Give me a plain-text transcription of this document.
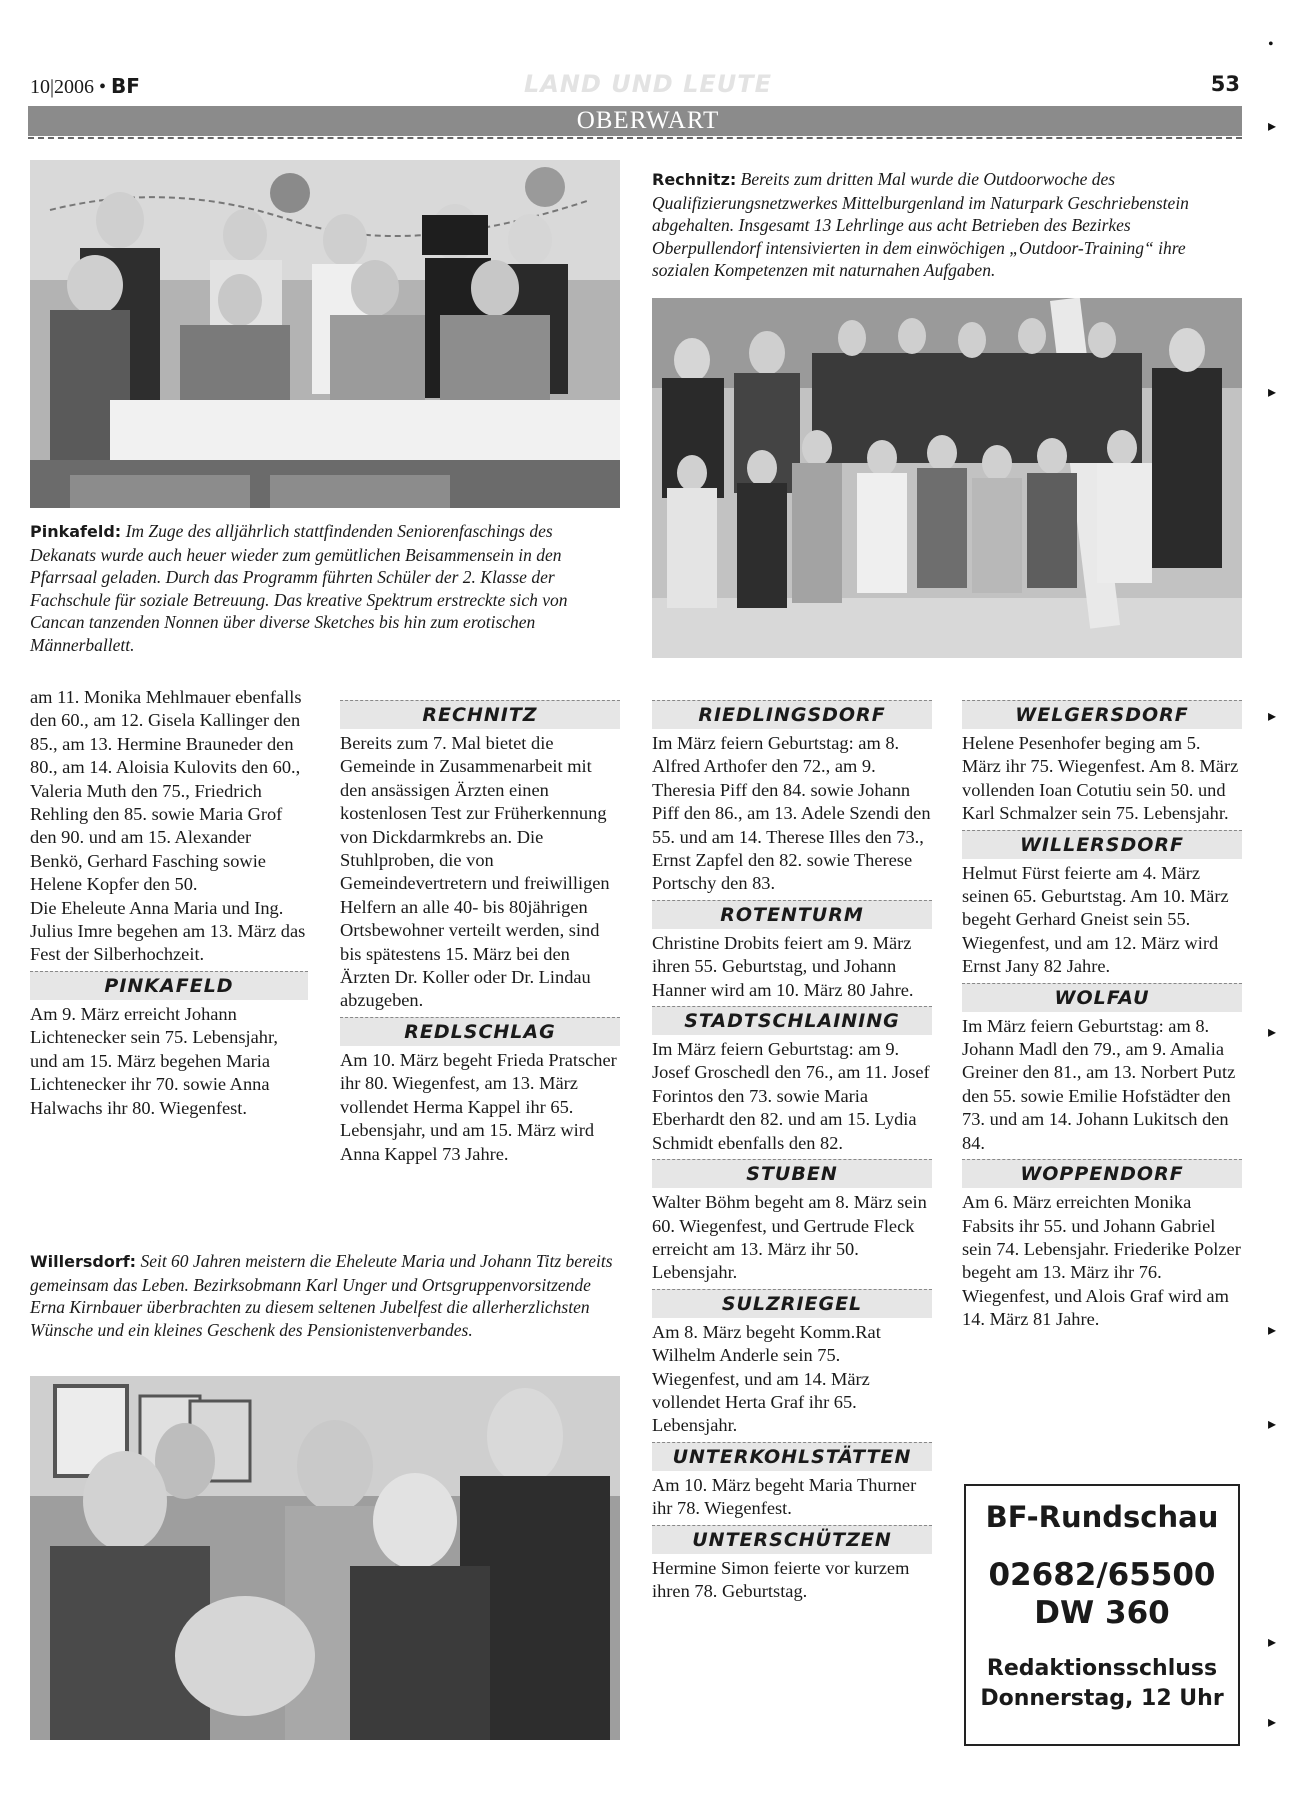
10|2006 • BF	LAND UND LEUTE	53
OBERWART
Rechnitz: Bereits zum dritten Mal wurde die Outdoorwoche des Qualifizierungsnetzwerkes Mittelburgenland im Naturpark Geschriebenstein abgehalten. Insgesamt 13 Lehrlinge aus acht Betrieben des Bezirkes Oberpullendorf intensivierten in dem einwöchigen „Outdoor-Training“ ihre sozialen Kompetenzen mit naturnahen Aufgaben.
Pinkafeld: Im Zuge des alljährlich stattfindenden Seniorenfaschings des Dekanats wurde auch heuer wieder zum gemütlichen Beisammensein in den Pfarrsaal geladen. Durch das Programm führten Schüler der 2. Klasse der Fachschule für soziale Betreuung. Das kreative Spektrum erstreckte sich von Cancan tanzenden Nonnen über diverse Sketches bis hin zum erotischen Männerballett.
Willersdorf: Seit 60 Jahren meistern die Eheleute Maria und Johann Titz bereits gemeinsam das Leben. Bezirksobmann Karl Unger und Ortsgruppenvorsitzende Erna Kirnbauer überbrachten zu diesem seltenen Jubelfest die allerherzlichsten Wünsche und ein kleines Geschenk des Pensionistenverbandes.

am 11. Monika Mehlmauer ebenfalls den 60., am 12. Gisela Kallinger den 85., am 13. Hermine Brauneder den 80., am 14. Aloisia Kulovits den 60., Valeria Muth den 75., Friedrich Rehling den 85. sowie Maria Grof den 90. und am 15. Alexander Benkö, Gerhard Fasching sowie Helene Kopfer den 50.

Die Eheleute Anna Maria und Ing. Julius Imre begehen am 13. März das Fest der Silberhochzeit.

PINKAFELD

Am 9. März erreicht Johann Lichtenecker sein 75. Lebensjahr, und am 15. März begehen Maria Lichtenecker ihr 70. sowie Anna Halwachs ihr 80. Wiegenfest.

RECHNITZ

Bereits zum 7. Mal bietet die Gemeinde in Zusammenarbeit mit den ansässigen Ärzten einen kostenlosen Test zur Früherkennung von Dickdarmkrebs an. Die Stuhlproben, die von Gemeindevertretern und freiwilligen Helfern an alle 40- bis 80jährigen Ortsbewohner verteilt werden, sind bis spätestens 15. März bei den Ärzten Dr. Koller oder Dr. Lindau abzugeben.

REDLSCHLAG

Am 10. März begeht Frieda Pratscher ihr 80. Wiegenfest, am 13. März vollendet Herma Kappel ihr 65. Lebensjahr, und am 15. März wird Anna Kappel 73 Jahre.

RIEDLINGSDORF

Im März feiern Geburtstag: am 8. Alfred Arthofer den 72., am 9. Theresia Piff den 84. sowie Johann Piff den 86., am 13. Adele Szendi den 55. und am 14. Therese Illes den 73., Ernst Zapfel den 82. sowie Therese Portschy den 83.

ROTENTURM

Christine Drobits feiert am 9. März ihren 55. Geburtstag, und Johann Hanner wird am 10. März 80 Jahre.

STADTSCHLAINING

Im März feiern Geburtstag: am 9. Josef Groschedl den 76., am 11. Josef Forintos den 73. sowie Maria Eberhardt den 82. und am 15. Lydia Schmidt ebenfalls den 82.

STUBEN

Walter Böhm begeht am 8. März sein 60. Wiegenfest, und Gertrude Fleck erreicht am 13. März ihr 50. Lebensjahr.

SULZRIEGEL

Am 8. März begeht Komm.Rat Wilhelm Anderle sein 75. Wiegenfest, und am 14. März vollendet Herta Graf ihr 65. Lebensjahr.

UNTERKOHLSTÄTTEN

Am 10. März begeht Maria Thurner ihr 78. Wiegenfest.

UNTERSCHÜTZEN

Hermine Simon feierte vor kurzem ihren 78. Geburtstag.

WELGERSDORF

Helene Pesenhofer beging am 5. März ihr 75. Wiegenfest. Am 8. März vollenden Ioan Cotutiu sein 50. und Karl Schmalzer sein 75. Lebensjahr.

WILLERSDORF

Helmut Fürst feierte am 4. März seinen 65. Geburtstag. Am 10. März begeht Gerhard Gneist sein 55. Wiegenfest, und am 12. März wird Ernst Jany 82 Jahre.

WOLFAU

Im März feiern Geburtstag: am 8. Johann Madl den 79., am 9. Amalia Greiner den 81., am 13. Norbert Putz den 55. sowie Emilie Hofstädter den 73. und am 14. Johann Lukitsch den 84.

WOPPENDORF

Am 6. März erreichten Monika Fabsits ihr 55. und Johann Gabriel sein 74. Lebensjahr. Friederike Polzer begeht am 13. März ihr 76. Wiegenfest, und Alois Graf wird am 14. März 81 Jahre.

BF-Rundschau
02682/65500
DW 360
Redaktionsschluss
Donnerstag, 12 Uhr
•
▸
▸
▸
▸
▸
▸
▸
▸
